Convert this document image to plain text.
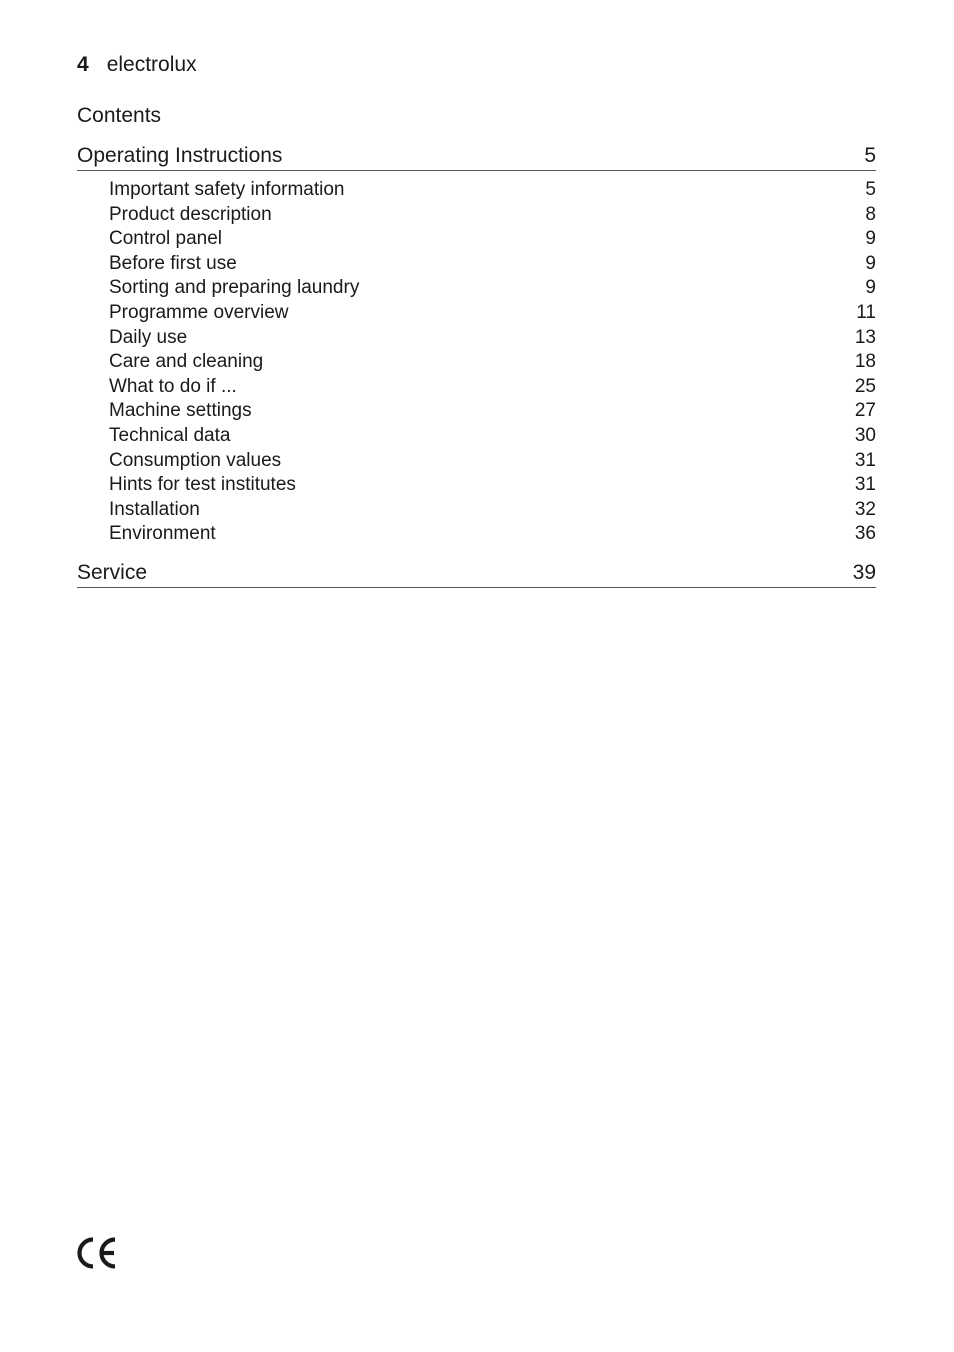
4 electrolux
Contents
Operating Instructions	5
Important safety information	5
Product description	8
Control panel	9
Before first use	9
Sorting and preparing laundry	9
Programme overview	11
Daily use	13
Care and cleaning	18
What to do if ...	25
Machine settings	27
Technical data	30
Consumption values	31
Hints for test institutes	31
Installation	32
Environment	36
Service	39
